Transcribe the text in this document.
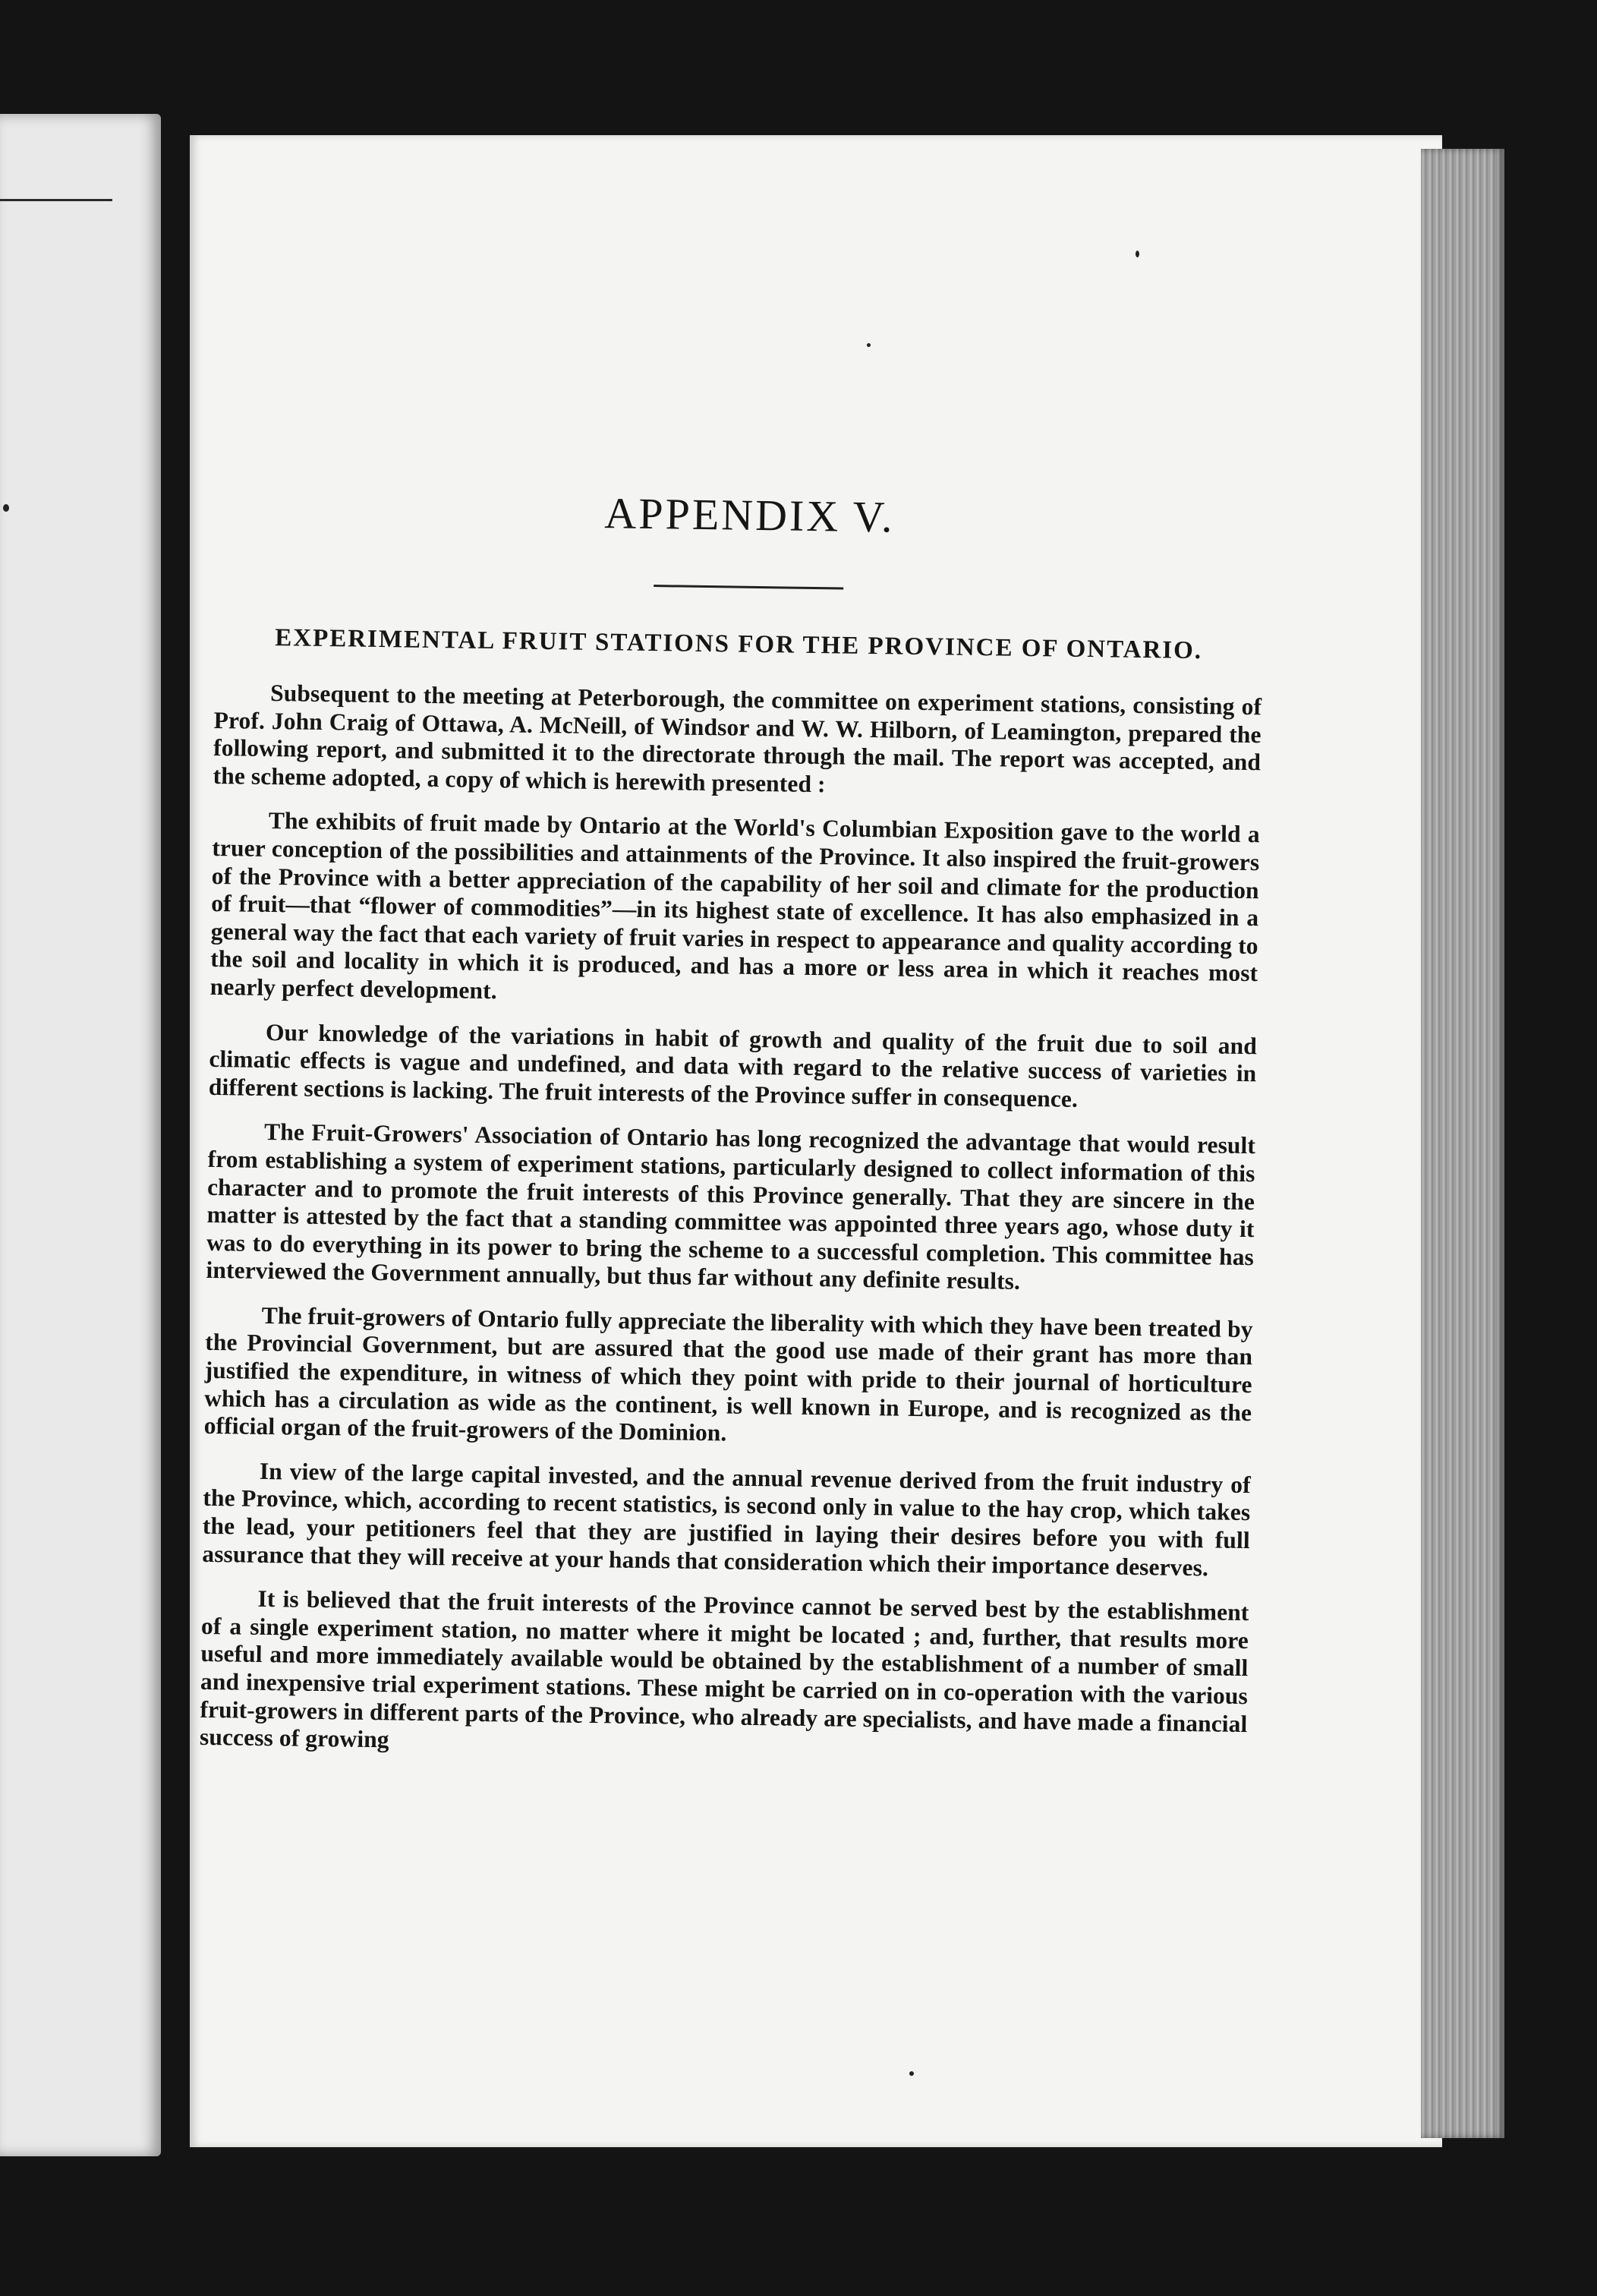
APPENDIX V.
EXPERIMENTAL FRUIT STATIONS FOR THE PROVINCE OF ONTARIO.

Subsequent to the meeting at Peterborough, the committee on experiment stations, consisting of Prof. John Craig of Ottawa, A. McNeill, of Windsor and W. W. Hilborn, of Leamington, prepared the following report, and submitted it to the directorate through the mail. The report was accepted, and the scheme adopted, a copy of which is herewith presented :

The exhibits of fruit made by Ontario at the World's Columbian Exposition gave to the world a truer conception of the possibilities and attainments of the Province. It also inspired the fruit-growers of the Province with a better appreciation of the capability of her soil and climate for the production of fruit—that “flower of commodities”—in its highest state of excellence. It has also emphasized in a general way the fact that each variety of fruit varies in respect to appearance and quality according to the soil and locality in which it is produced, and has a more or less area in which it reaches most nearly perfect development.

Our knowledge of the variations in habit of growth and quality of the fruit due to soil and climatic effects is vague and undefined, and data with regard to the relative success of varieties in different sections is lacking. The fruit interests of the Province suffer in consequence.

The Fruit-Growers' Association of Ontario has long recognized the advantage that would result from establishing a system of experiment stations, particularly designed to collect information of this character and to promote the fruit interests of this Province generally. That they are sincere in the matter is attested by the fact that a standing committee was appointed three years ago, whose duty it was to do everything in its power to bring the scheme to a successful completion. This committee has interviewed the Government annually, but thus far without any definite results.

The fruit-growers of Ontario fully appreciate the liberality with which they have been treated by the Provincial Government, but are assured that the good use made of their grant has more than justified the expenditure, in witness of which they point with pride to their journal of horticulture which has a circulation as wide as the continent, is well known in Europe, and is recognized as the official organ of the fruit-growers of the Dominion.

In view of the large capital invested, and the annual revenue derived from the fruit industry of the Province, which, according to recent statistics, is second only in value to the hay crop, which takes the lead, your petitioners feel that they are justified in laying their desires before you with full assurance that they will receive at your hands that consideration which their importance deserves.

It is believed that the fruit interests of the Province cannot be served best by the establishment of a single experiment station, no matter where it might be located ; and, further, that results more useful and more immediately available would be obtained by the establishment of a number of small and inexpensive trial experiment stations. These might be carried on in co-operation with the various fruit-growers in different parts of the Province, who already are specialists, and have made a financial success of growing
